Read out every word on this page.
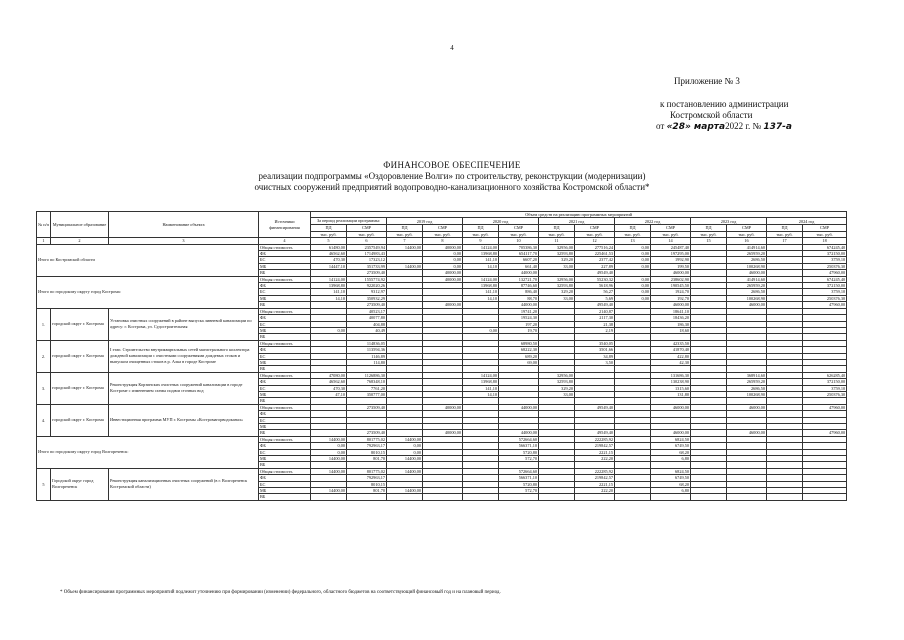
4
Приложение № 3
к постановлению администрации
Костромской области
от «28» марта2022 г. № 137-а
ФИНАНСОВОЕ ОБЕСПЕЧЕНИЕ
реализации подпрограммы «Оздоровление Волги» по строительству, реконструкции (модернизации)
очистных сооружений предприятий водопроводно-канализационного хозяйства Костромской области*
№ п/п	Муниципальное образование	Наименование объекта	Источники финансирования	Объем средств на реализацию программных мероприятий													
				За период реализации программы:		2019 год		2020 год		2021 год		2022 год		2023 год		2024 год	
				ПД	СМР	ПД	СМР	ПД	СМР	ПД	СМР	ПД	СМР	ПД	СМР	ПД	СМР
				тыс. руб.	тыс. руб.	тыс. руб.	тыс. руб.	тыс. руб.	тыс. руб.	тыс. руб.	тыс. руб.	тыс. руб.	тыс. руб.	тыс. руб.	тыс. руб.	тыс. руб.	тыс. руб.
1	2	3	4	5	6	7	8	9	10	11	12	13	14	15	16	17	18
Итого по Костромской области			Общая стоимость	61480,00	2357549,94	14400,00	40000,00	14124,00	705386,30	32956,00	277516,24	0,00	245487,40		414914,60		674245,40
			ФБ	46562,60	1714983,43		0,00	13968,80	654117,70	32593,80	225461,53	0,00	197295,00		265959,20		372150,00
			БС	470,30	17323,12		0,00	141,10	6607,20	329,20	2377,42	0,00	1992,90		2686,50		3759,10
			МБ	14447,10	351733,99	14400,00	0,00	14,10	661,40	33,00	227,89	0,00	199,50		100268,90		250376,30
			ВБ		273509,40		40000,00		44000,00		49549,40		46000,00		46000,00		47960,00
Итого по городскому округу город Кострома:			Общая стоимость	14124,00	1555774,92		40000,00	14124,00	132721,70	32956,00	55230,32	0,00	238602,90		414914,60		674245,40
			ФБ	13968,80	922020,26			13968,80	87746,60	32593,80	5618,96	0,00	190545,50		265959,20		372150,00
			БС	141,10	9312,97			141,10	886,40	329,20	56,27	0,00	1924,70		2686,50		3759,10
			МБ	14,10	350932,29			14,10	88,70	33,00	5,69	0,00	192,70		100268,90		250376,30
			ВБ		273509,40		40000,00		44000,00		49549,40		46000,00		46000,00		47960,00
1.	городской округ г. Кострома	Установка очистных сооружений в районе выпуска ливневой канализации по адресу: г. Кострома, ул. Судостроительная	Общая стоимость		40523,17				19741,20		2140,87		18641,10				
			ФБ		40077,80				19524,30		2117,30		18436,20				
			БС		404,88				197,20		21,38		186,30				
			МБ	0,00	40,49			0,00	19,70		2,19		18,60				
			ВБ														
2.	городской округ г. Кострома	I этап. Строительство внутриквартальных сетей магистрального коллектора дождевой канализации с очистными сооружениями дождевых стоков и выпуском очищенных стоков в р. Алка в городе Костроме	Общая стоимость		114836,05				68980,50		3540,05		42335,50				
			ФБ		113594,36				68222,30		3501,66		41870,40				
			БС		1146,89				689,20		34,89		422,80				
			МБ		114,80				69,00		3,50		42,30				
			ВБ														
3.	городской округ г. Кострома	Реконструкция Корзинских очистных сооружений канализации в городе Костроме с изменением схемы подачи сточных вод	Общая стоимость	47080,00	1126886,30			14124,00		32956,00			131686,30		368914,60		626285,40
			ФБ	46562,60	768348,10			13968,80		32593,80			130238,90		265959,20		372150,00
			БС	470,30	7761,20			141,10		329,20			1315,60		2686,50		3759,10
			МБ	47,10	350777,00			14,10		33,00			131,80		100268,90		250376,30
			ВБ														
4.	городской округ г. Кострома	Инвестиционная программа МУП г. Костромы «Костромагорводоканал»	Общая стоимость		273509,40		40000,00		44000,00		49549,40		46000,00		46000,00		47960,00
			ФБ														
			БС														
			МБ														
			ВБ		273509,40		40000,00		44000,00		49549,40		46000,00		46000,00		47960,00
Итого по городскому округу город Волгореченск:			Общая стоимость	14400,00	801775,02	14400,00			572664,60		222285,92		6824,50				
			ФБ	0,00	792963,17	0,00			566371,10		219842,57		6749,50				
			БС	0,00	8010,15	0,00			5720,80		2221,15		68,20				
			МБ	14400,00	801,70	14400,00			572,70		222,20		6,80				
			ВБ														
5	Городской округ город Волгореченск	Реконструкция канализационных очистных сооружений (в г. Волгореченск Костромской области)	Общая стоимость	14400,00	801775,02	14400,00			572664,60		222285,92		6824,50				
			ФБ		792963,17				566371,10		219842,57		6749,50				
			БС		8010,15				5720,80		2221,15		68,20				
			МБ	14400,00	801,70	14400,00			572,70		222,20		6,80				
			ВБ														
* Объем финансирования программных мероприятий подлежит уточнению при формировании (изменении) федерального, областного бюджетов на соответствующий финансовый год и на плановый период.
